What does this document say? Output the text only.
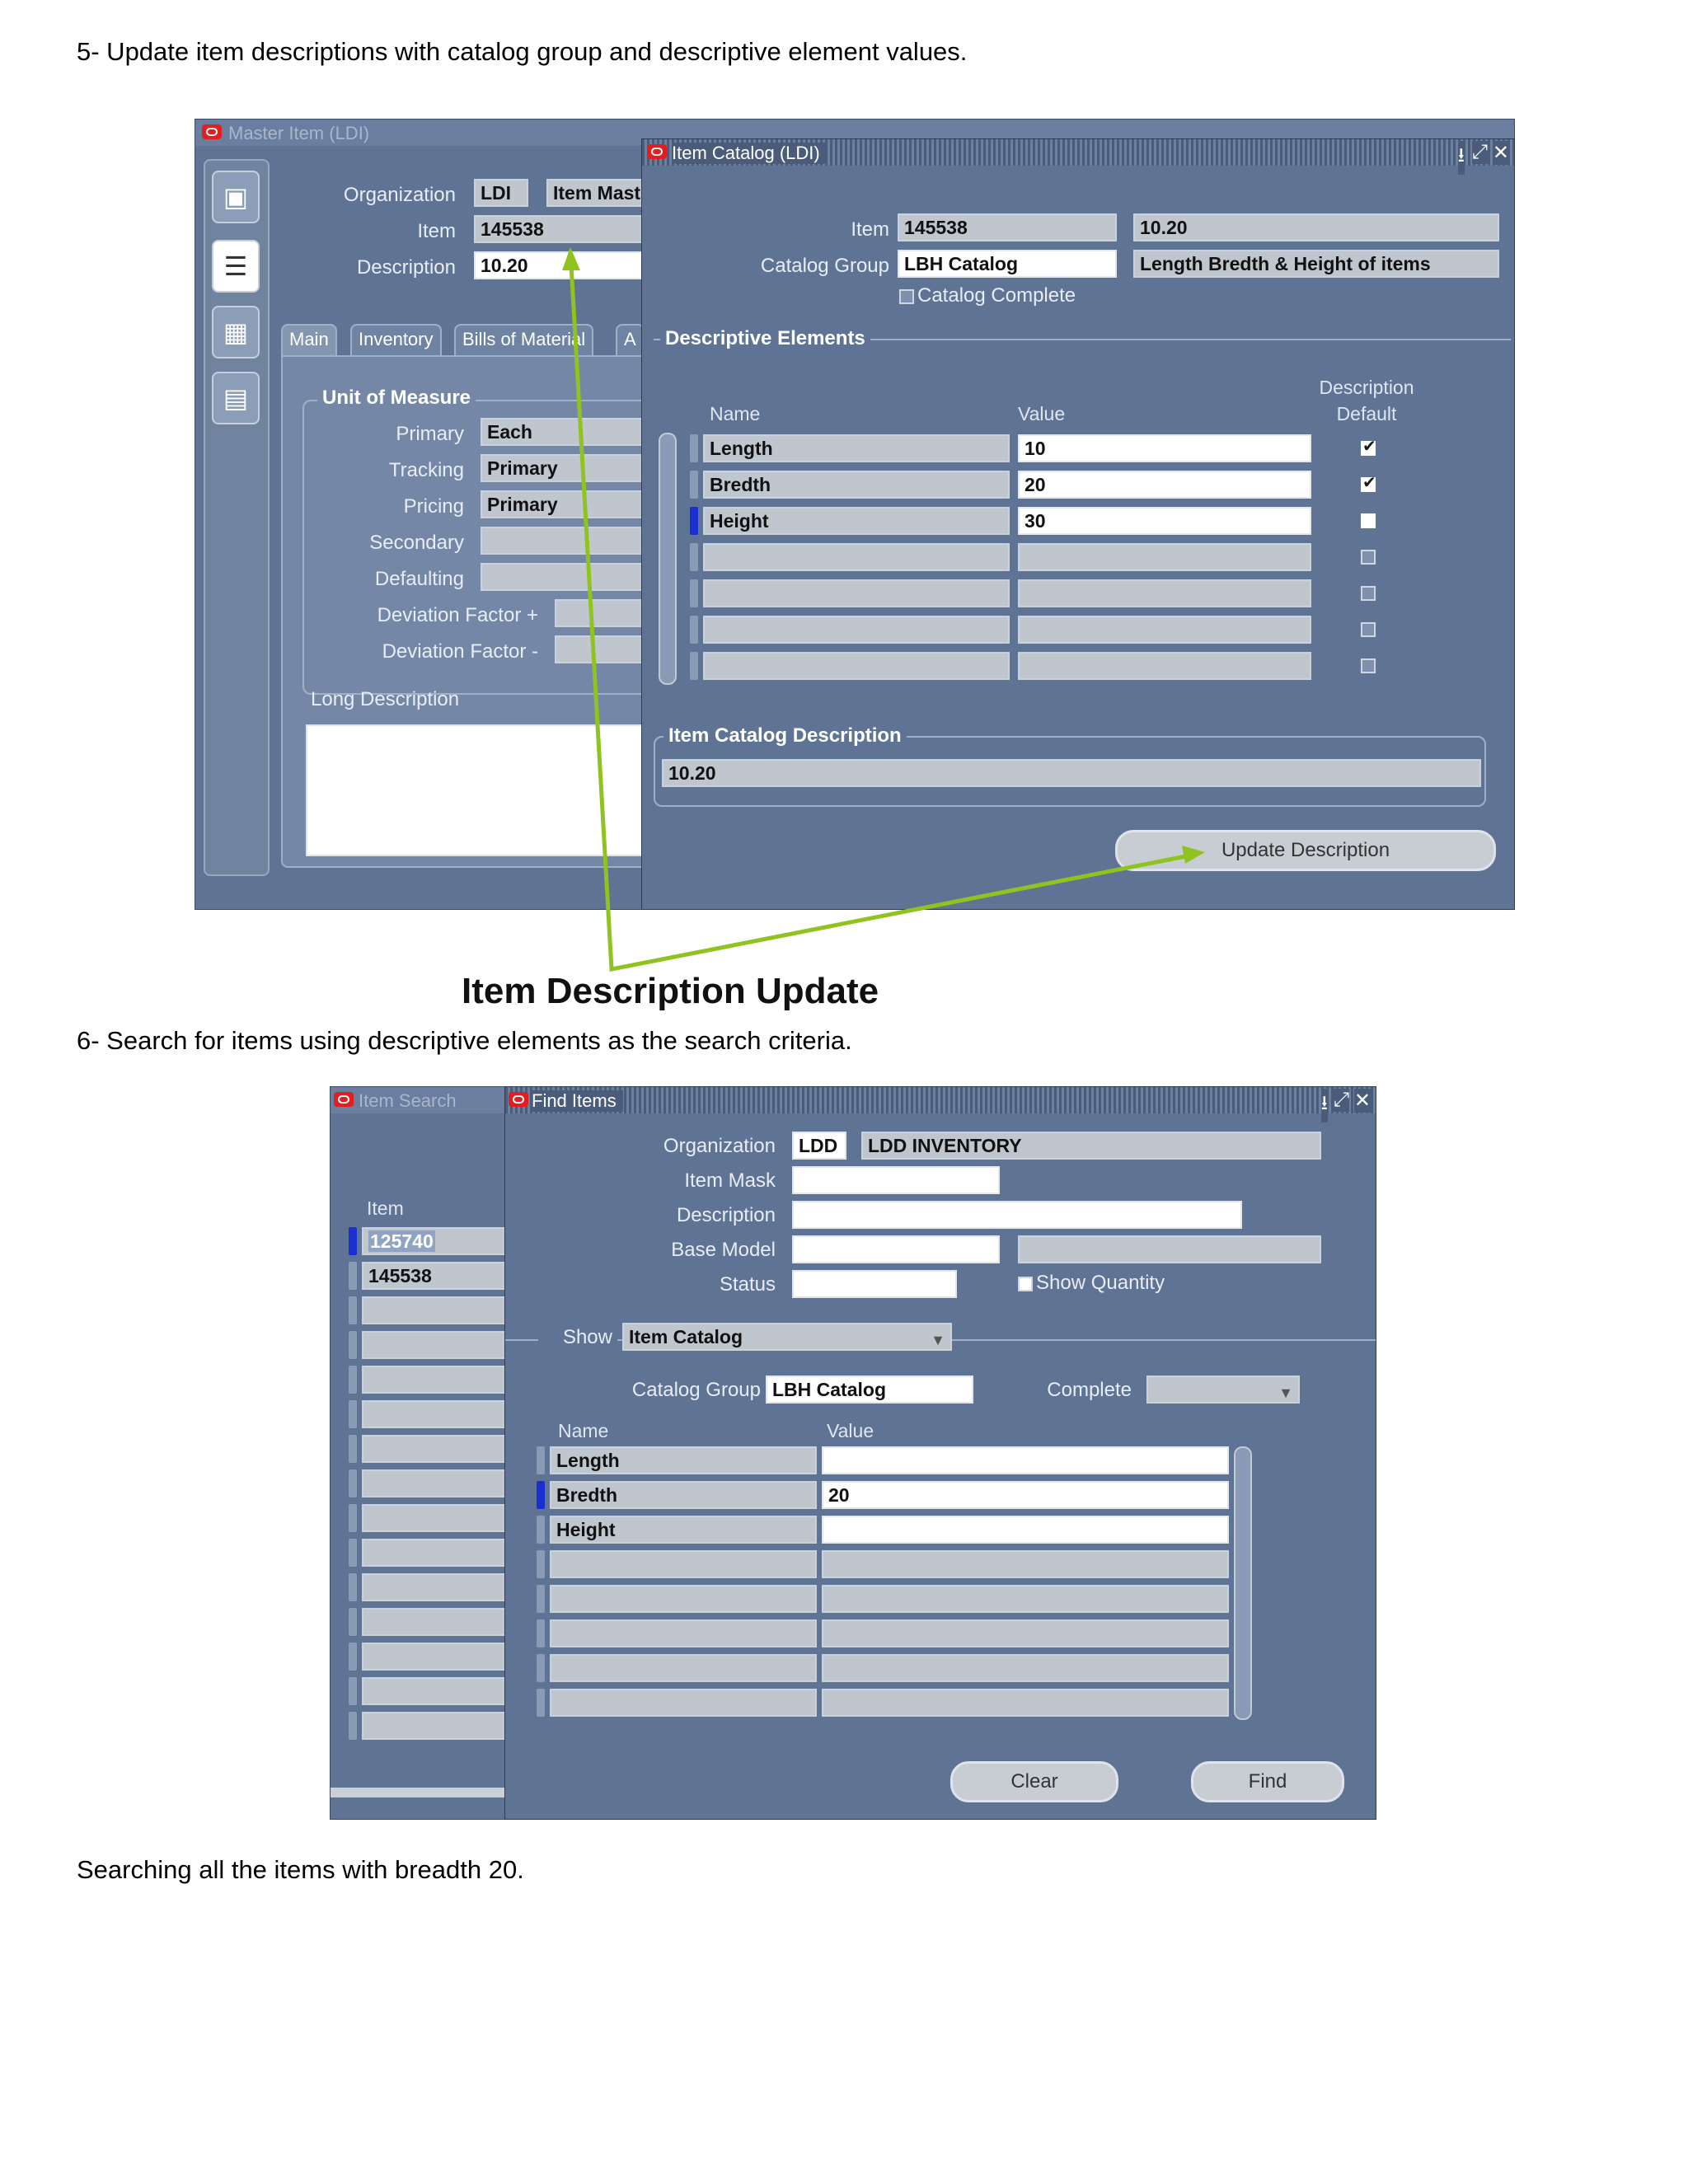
5- Update item descriptions with catalog group and descriptive element values.
Master Item (LDI)
▣
☰
▦
▤
Organization	LDI	Item Mast
Item	145538
Description	10.20
Main	Inventory	Bills of Material	A
Unit of Measure
Primary	Each
Tracking	Primary
Pricing	Primary
Secondary
Defaulting
Deviation Factor +
Deviation Factor -
Long Description
Item Catalog (LDI)	⭳ ⤢ ✕
Item 145538	10.20
Catalog Group LBH Catalog	Length Bredth & Height of items
Catalog Complete
Descriptive Elements
Name	Value
Description
Default
Length	10	✔
Bredth	20	✔
Height	30
Item Catalog Description
10.20
Update Description
Item Description Update
6- Search for items using descriptive elements as the search criteria.
Item Search
Item
125740
145538
Find Items	⭳ ⤢ ✕
Organization	LDD	LDD INVENTORY
Item Mask
Description
Base Model
Status	Show Quantity
Show Item Catalog	▼
Catalog Group LBH Catalog	Complete	▼
Name	Value
Length
Bredth	20
Height
Clear	Find
Searching all the items with breadth 20.
